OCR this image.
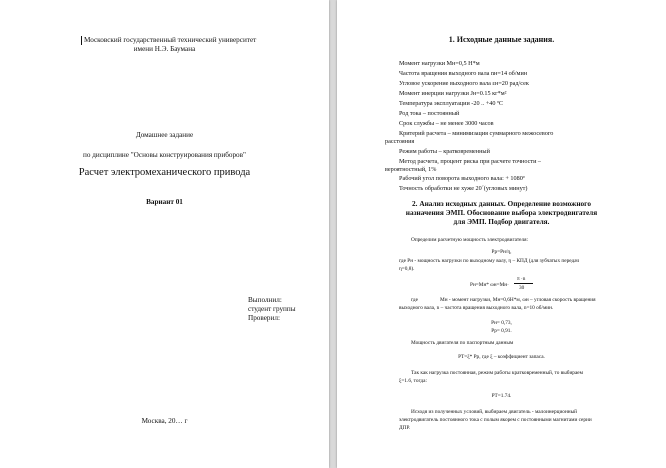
Московский государственный технический университет
имени Н.Э. Баумана
Домашнее задание
по дисциплине "Основы конструирования приборов"
Расчет электромеханического привода
Вариант 01
Выполнил:
студент группы
Проверил:
Москва, 20… г
1. Исходные данные задания.
Момент нагрузки Mн=0,5 Н*м
Частота вращения выходного вала nн=14 об/мин
Угловое ускорение выходного вала εн=20 рад/сек
Момент инерции нагрузки Jн=0.15 кг*м²
Температура эксплуатации -20 .. +40 ºС
Род тока – постоянный
Срок службы – не менее 3000 часов
Критерий расчета – минимизация суммарного межосевого
расстояния
Режим работы – кратковременный
Метод расчета, процент риска при расчете точности –
вероятностный, 1%
Рабочий угол поворота выходного вала: + 1080º
Точность обработки не хуже 20´(угловых минут)
2. Анализ исходных данных. Определение возможного
назначения ЭМП. Обоснование выбора электродвигателя
для ЭМП. Подбор двигателя.
Определим расчетную мощность электродвигателя:
Pp=Pн/η,
где Pн - мощность нагрузки по выходному валу, η – КПД (для зубчатых передач
η=0,8).
Pн=Mн* ωн=Mн·
π ·n
30
где	Mн - момент нагрузки, Mн=0,6Н*м, ωн – угловая скорость вращения
выходного вала, n – частота вращения выходного вала, n=10 об/мин.
Pн= 0,73,
Pp= 0,91.
Мощность двигателя по паспортным данным
PT=ξ* Pp, где ξ – коэффициент запаса.
Так как нагрузка постоянная, режим работы кратковременный, то выбираем
ξ=1.6, тогда:
PT=1.74.
Исходя из полученных условий, выбираем двигатель - малоинерционный
электродвигатель постоянного тока с полым якорем с постоянными магнитами серии
ДПР.
